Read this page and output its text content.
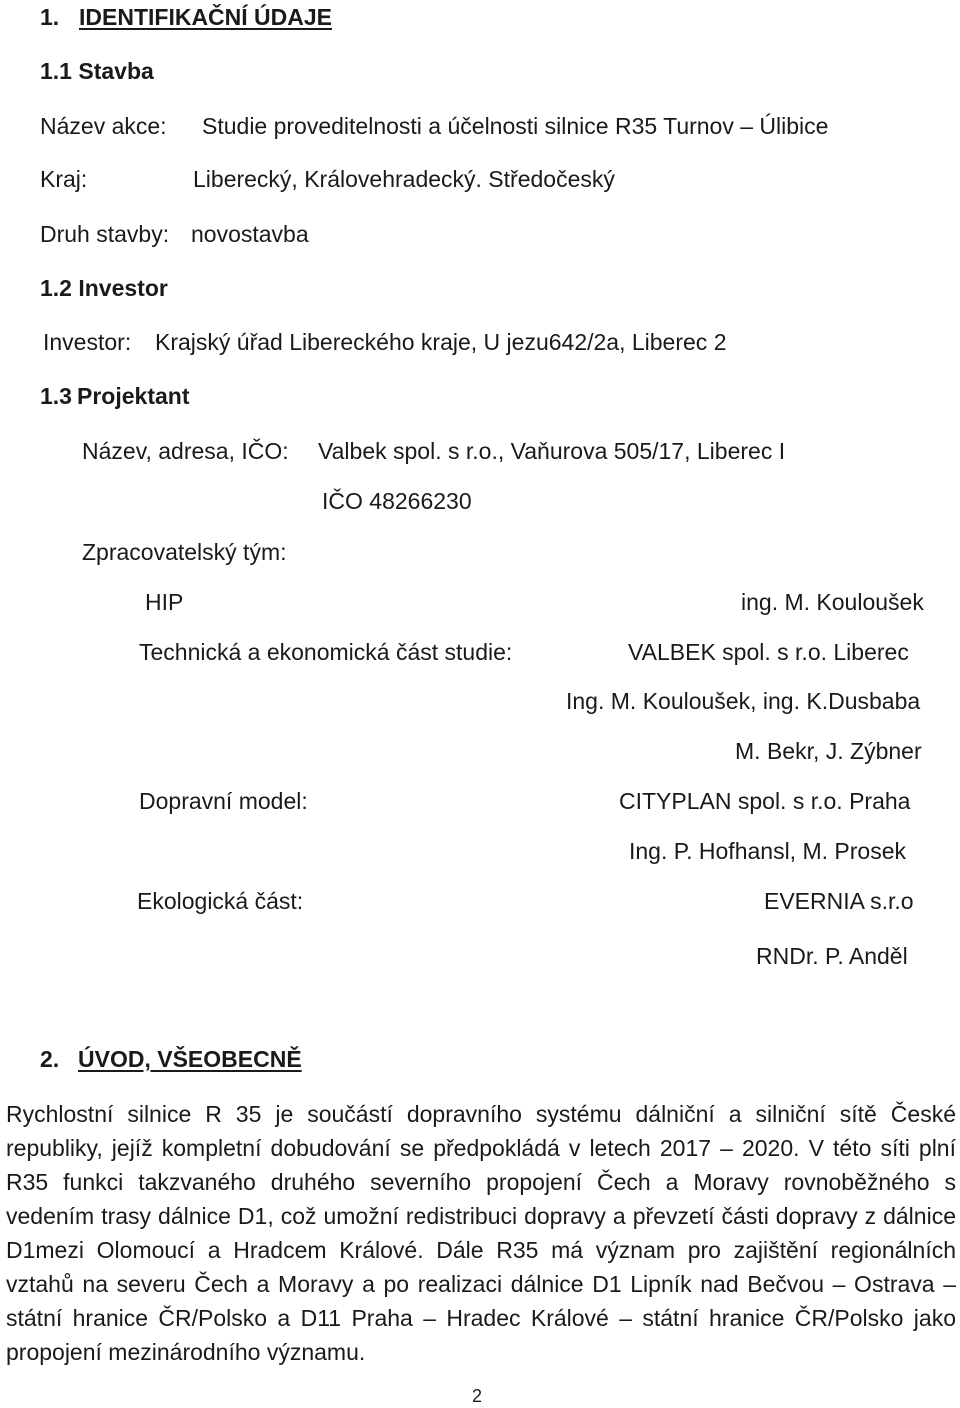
1. IDENTIFIKAČNÍ ÚDAJE
1.1 Stavba
Název akce: Studie proveditelnosti a účelnosti silnice R35 Turnov – Úlibice
Kraj:	Liberecký, Královehradecký. Středočeský
Druh stavby: novostavba
1.2 Investor
Investor: Krajský úřad Libereckého kraje, U jezu642/2a, Liberec 2
1.3 Projektant
Název, adresa, IČO: Valbek spol. s r.o., Vaňurova 505/17, Liberec I
IČO 48266230
Zpracovatelský tým:
HIP
Technická a ekonomická část studie:
Dopravní model:
Ekologická část:
ing. M. Kouloušek
VALBEK spol. s r.o. Liberec
Ing. M. Kouloušek, ing. K.Dusbaba
M. Bekr, J. Zýbner
CITYPLAN spol. s r.o. Praha
Ing. P. Hofhansl, M. Prosek
EVERNIA s.r.o
RNDr. P. Anděl
2. ÚVOD, VŠEOBECNĚ

Rychlostní silnice R 35 je součástí dopravního systému dálniční a silniční sítě České republiky, jejíž kompletní dobudování se předpokládá v letech 2017 – 2020. V této síti plní R35 funkci takzvaného druhého severního propojení Čech a Moravy rovnoběžného s vedením trasy dálnice D1, což umožní redistribuci dopravy a převzetí části dopravy z dálnice D1mezi Olomoucí a Hradcem Králové. Dále R35 má význam pro zajištění regionálních vztahů na severu Čech a Moravy a po realizaci dálnice D1 Lipník nad Bečvou – Ostrava – státní hranice ČR/Polsko a D11 Praha – Hradec Králové – státní hranice ČR/Polsko jako propojení mezinárodního významu.

2
